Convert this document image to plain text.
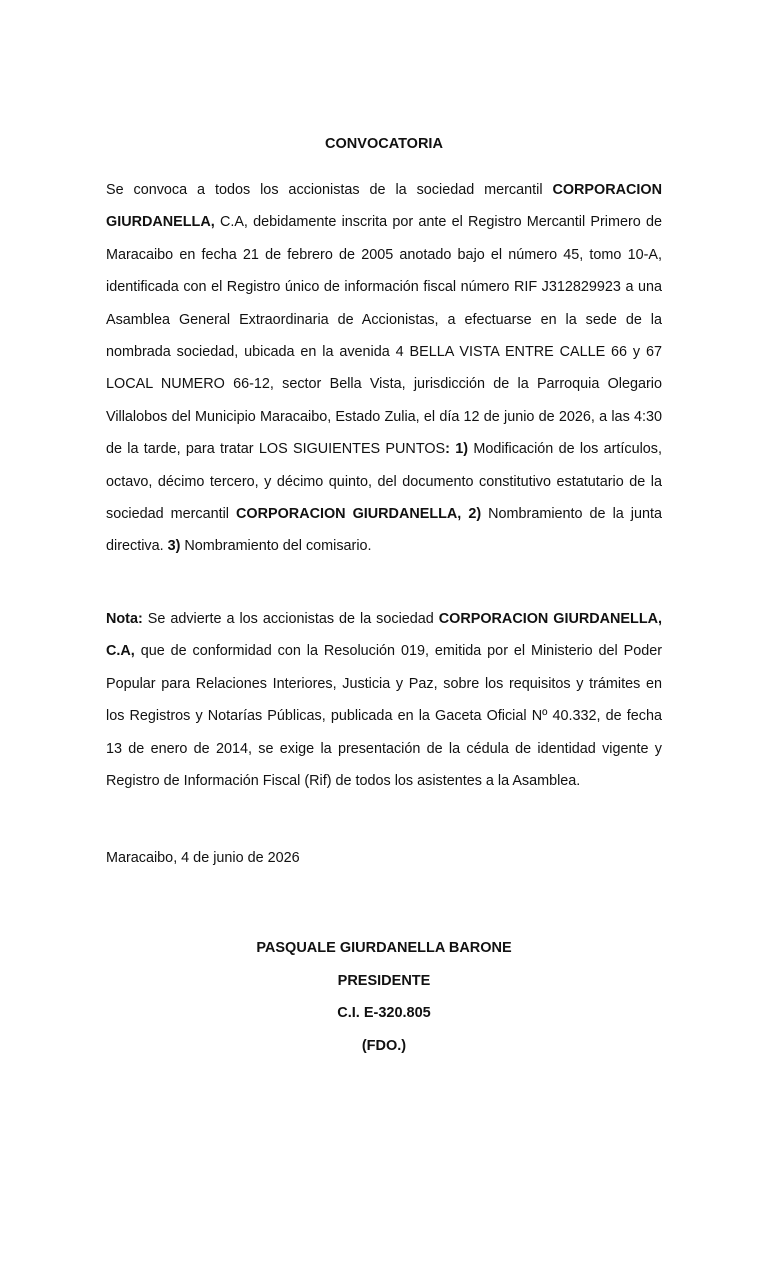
CONVOCATORIA

Se convoca a todos los accionistas de la sociedad mercantil CORPORACION GIURDANELLA, C.A, debidamente inscrita por ante el Registro Mercantil Primero de Maracaibo en fecha 21 de febrero de 2005 anotado bajo el número 45, tomo 10-A, identificada con el Registro único de información fiscal número RIF J312829923 a una Asamblea General Extraordinaria de Accionistas, a efectuarse en la sede de la nombrada sociedad, ubicada en la avenida 4 BELLA VISTA ENTRE CALLE 66 y 67 LOCAL NUMERO 66-12, sector Bella Vista, jurisdicción de la Parroquia Olegario Villalobos del Municipio Maracaibo, Estado Zulia, el día 12 de junio de 2026, a las 4:30 de la tarde, para tratar LOS SIGUIENTES PUNTOS: 1) Modificación de los artículos, octavo, décimo tercero, y décimo quinto, del documento constitutivo estatutario de la sociedad mercantil CORPORACION GIURDANELLA, 2) Nombramiento de la junta directiva. 3) Nombramiento del comisario.

Nota: Se advierte a los accionistas de la sociedad CORPORACION GIURDANELLA, C.A, que de conformidad con la Resolución 019, emitida por el Ministerio del Poder Popular para Relaciones Interiores, Justicia y Paz, sobre los requisitos y trámites en los Registros y Notarías Públicas, publicada en la Gaceta Oficial Nº 40.332, de fecha 13 de enero de 2014, se exige la presentación de la cédula de identidad vigente y Registro de Información Fiscal (Rif) de todos los asistentes a la Asamblea.

Maracaibo, 4 de junio de 2026

PASQUALE GIURDANELLA BARONE
PRESIDENTE
C.I. E-320.805
(FDO.)
